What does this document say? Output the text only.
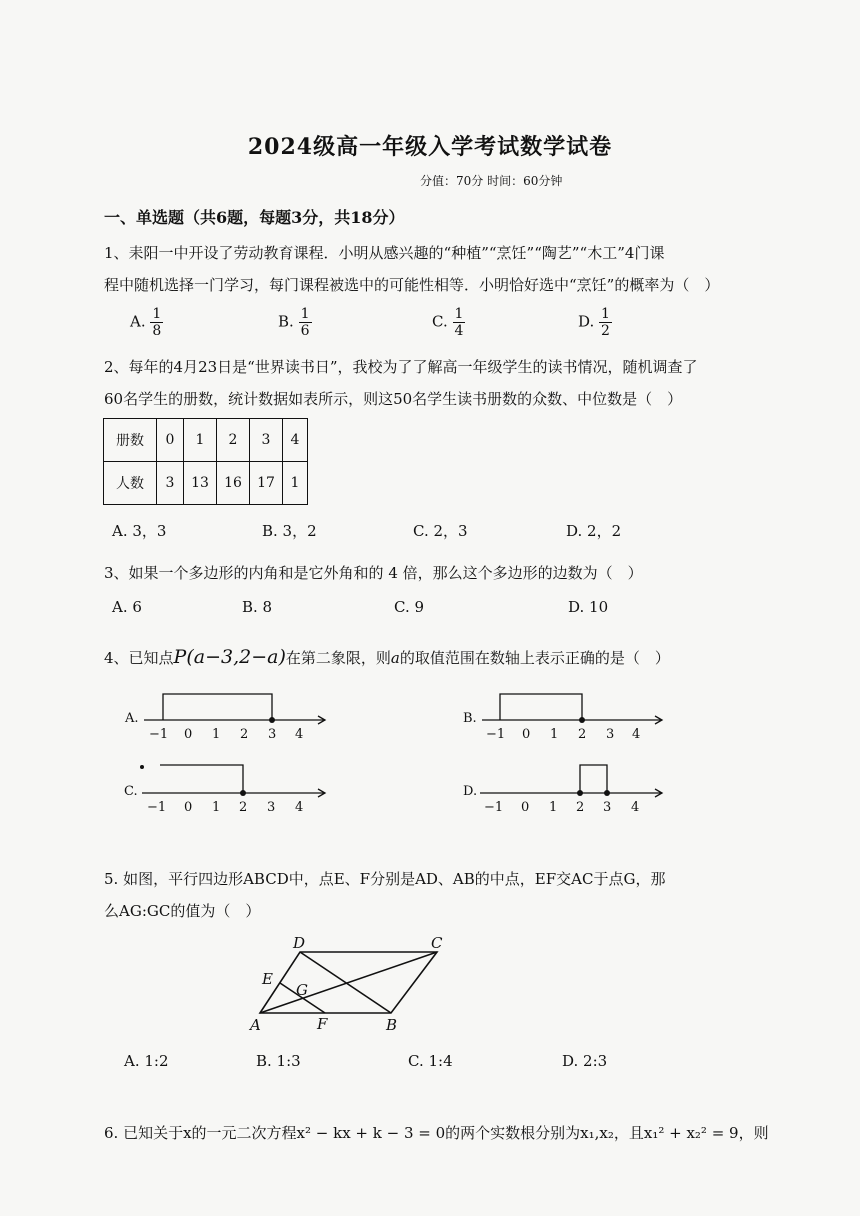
2024级高一年级入学考试数学试卷
分值：70分 时间：60分钟
一、单选题（共6题，每题3分，共18分）
1、耒阳一中开设了劳动教育课程．小明从感兴趣的“种植”“烹饪”“陶艺”“木工”4门课
程中随机选择一门学习，每门课程被选中的可能性相等．小明恰好选中“烹饪”的概率为（　）
A. $\frac{1}{8}$	B. $\frac{1}{6}$	C. $\frac{1}{4}$	D. $\frac{1}{2}$
2、每年的4月23日是“世界读书日”，我校为了了解高一年级学生的读书情况，随机调查了
60名学生的册数，统计数据如表所示，则这50名学生读书册数的众数、中位数是（　）
册数	0	1	2	3	4
人数	3	13	16	17	1
A. 3，3	B. 3，2	C. 2，3	D. 2，2
3、如果一个多边形的内角和是它外角和的 4 倍，那么这个多边形的边数为（　）
A. 6	B. 8	C. 9	D. 10
4、已知点P(a−3,2−a)在第二象限，则a的取值范围在数轴上表示正确的是（　）
A.	B.
C.	D.
−1 0 1 2 3 4	−1 0 1 2 3 4
−1 0 1 2 3 4	−1 0 1 2 3 4
A	B
C
D
E
F
G
5. 如图，平行四边形ABCD中，点E、F分别是AD、AB的中点，EF交AC于点G，那
么AG:GC的值为（　）
A. 1:2	B. 1:3	C. 1:4	D. 2:3
6. 已知关于x的一元二次方程x² − kx + k − 3 = 0的两个实数根分别为x₁,x₂，且x₁² + x₂² = 9，则
